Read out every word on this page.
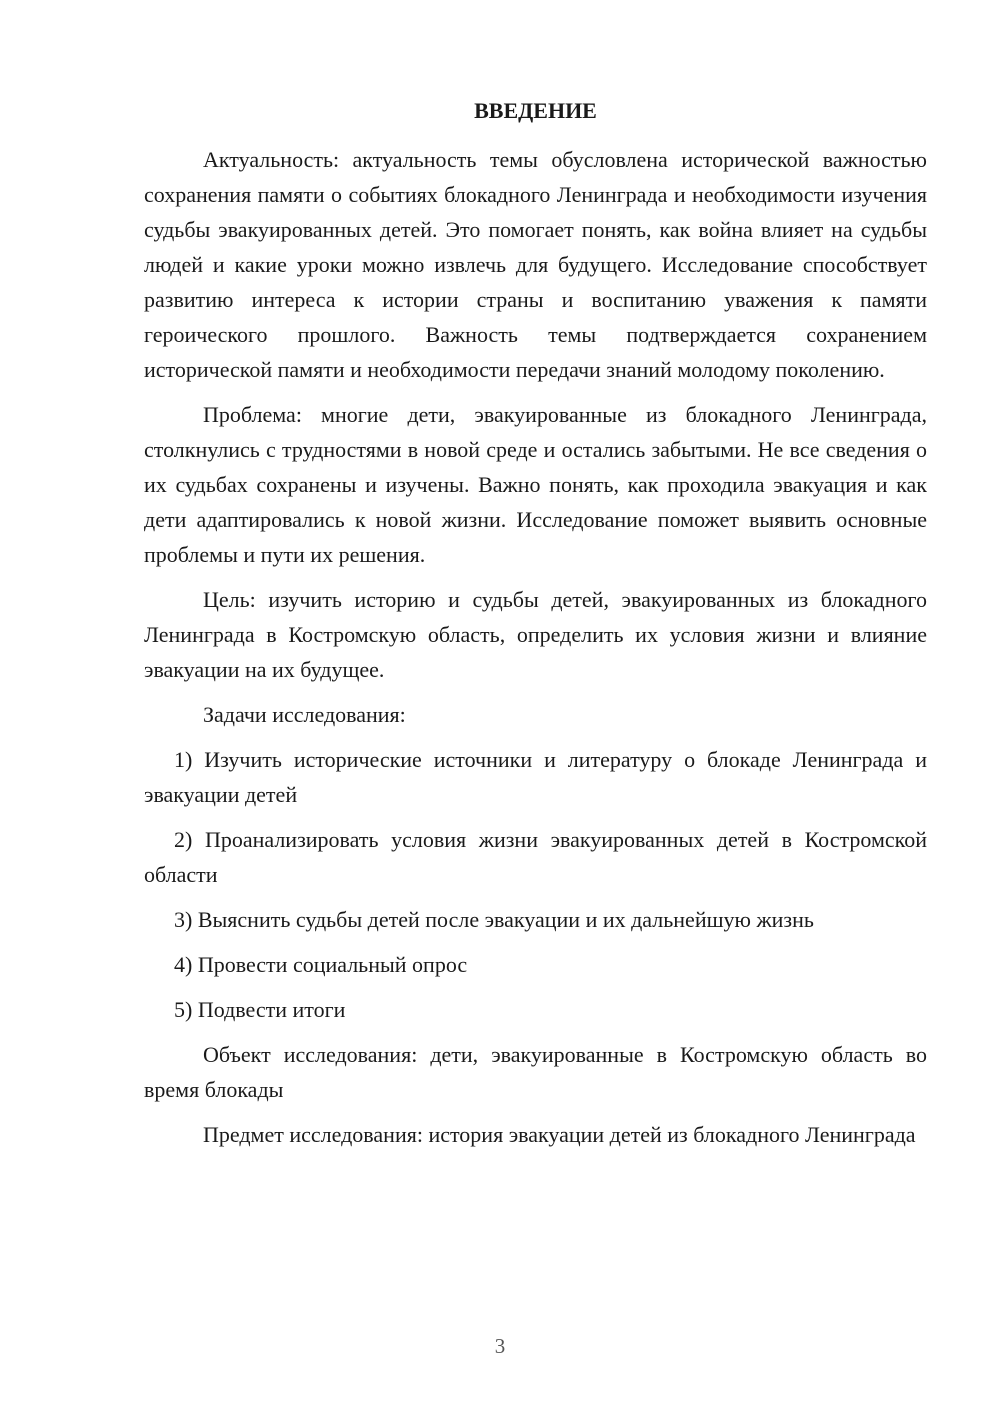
ВВЕДЕНИЕ

Актуальность: актуальность темы обусловлена исторической важностью сохранения памяти о событиях блокадного Ленинграда и необходимости изучения судьбы эвакуированных детей. Это помогает понять, как война влияет на судьбы людей и какие уроки можно извлечь для будущего. Исследование способствует развитию интереса к истории страны и воспитанию уважения к памяти героического прошлого. Важность темы подтверждается сохранением исторической памяти и необходимости передачи знаний молодому поколению.

Проблема: многие дети, эвакуированные из блокадного Ленинграда, столкнулись с трудностями в новой среде и остались забытыми. Не все сведения о их судьбах сохранены и изучены. Важно понять, как проходила эвакуация и как дети адаптировались к новой жизни. Исследование поможет выявить основные проблемы и пути их решения.

Цель: изучить историю и судьбы детей, эвакуированных из блокадного Ленинграда в Костромскую область, определить их условия жизни и влияние эвакуации на их будущее.

Задачи исследования:

1) Изучить исторические источники и литературу о блокаде Ленинграда и эвакуации детей

2) Проанализировать условия жизни эвакуированных детей в Костромской области

3) Выяснить судьбы детей после эвакуации и их дальнейшую жизнь

4) Провести социальный опрос

5) Подвести итоги

Объект исследования: дети, эвакуированные в Костромскую область во время блокады

Предмет исследования: история эвакуации детей из блокадного Ленинграда

3
